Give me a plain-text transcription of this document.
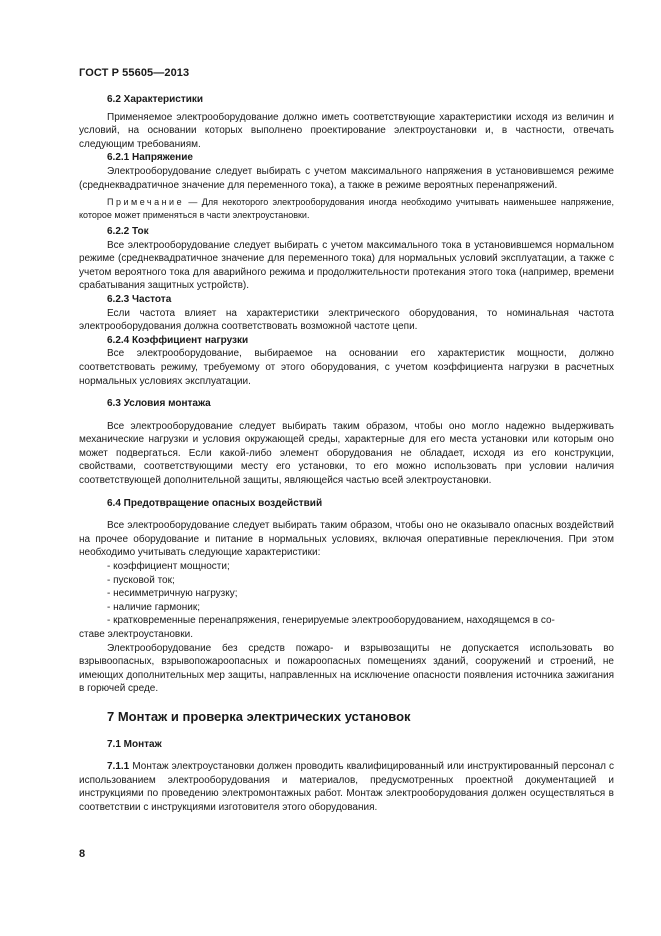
ГОСТ Р 55605—2013

6.2 Характеристики

Применяемое электрооборудование должно иметь соответствующие характеристики исходя из величин и условий, на основании которых выполнено проектирование электроустановки и, в частности, отвечать следующим требованиям.

6.2.1 Напряжение

Электрооборудование следует выбирать с учетом максимального напряжения в установившемся режиме (среднеквадратичное значение для переменного тока), а также в режиме вероятных перенапряжений.

Примечание — Для некоторого электрооборудования иногда необходимо учитывать наименьшее напряжение, которое может применяться в части электроустановки.

6.2.2 Ток

Все электрооборудование следует выбирать с учетом максимального тока в установившемся нормальном режиме (среднеквадратичное значение для переменного тока) для нормальных условий эксплуатации, а также с учетом вероятного тока для аварийного режима и продолжительности протекания этого тока (например, времени срабатывания защитных устройств).

6.2.3 Частота

Если частота влияет на характеристики электрического оборудования, то номинальная частота электрооборудования должна соответствовать возможной частоте цепи.

6.2.4 Коэффициент нагрузки

Все электрооборудование, выбираемое на основании его характеристик мощности, должно соответствовать режиму, требуемому от этого оборудования, с учетом коэффициента нагрузки в расчетных нормальных условиях эксплуатации.

6.3 Условия монтажа

Все электрооборудование следует выбирать таким образом, чтобы оно могло надежно выдерживать механические нагрузки и условия окружающей среды, характерные для его места установки или которым оно может подвергаться. Если какой-либо элемент оборудования не обладает, исходя из его конструкции, свойствами, соответствующими месту его установки, то его можно использовать при условии наличия соответствующей дополнительной защиты, являющейся частью всей электроустановки.

6.4 Предотвращение опасных воздействий

Все электрооборудование следует выбирать таким образом, чтобы оно не оказывало опасных воздействий на прочее оборудование и питание в нормальных условиях, включая оперативные переключения. При этом необходимо учитывать следующие характеристики:

- коэффициент мощности;

- пусковой ток;

- несимметричную нагрузку;

- наличие гармоник;

- кратковременные перенапряжения, генерируемые электрооборудованием, находящемся в со-

ставе электроустановки.

Электрооборудование без средств пожаро- и взрывозащиты не допускается использовать во взрывоопасных, взрывопожароопасных и пожароопасных помещениях зданий, сооружений и строений, не имеющих дополнительных мер защиты, направленных на исключение опасности появления источника зажигания в горючей среде.

7 Монтаж и проверка электрических установок

7.1 Монтаж

7.1.1 Монтаж электроустановки должен проводить квалифицированный или инструктированный персонал с использованием электрооборудования и материалов, предусмотренных проектной документацией и инструкциями по проведению электромонтажных работ. Монтаж электрооборудования должен осуществляться в соответствии с инструкциями изготовителя этого оборудования.

8
